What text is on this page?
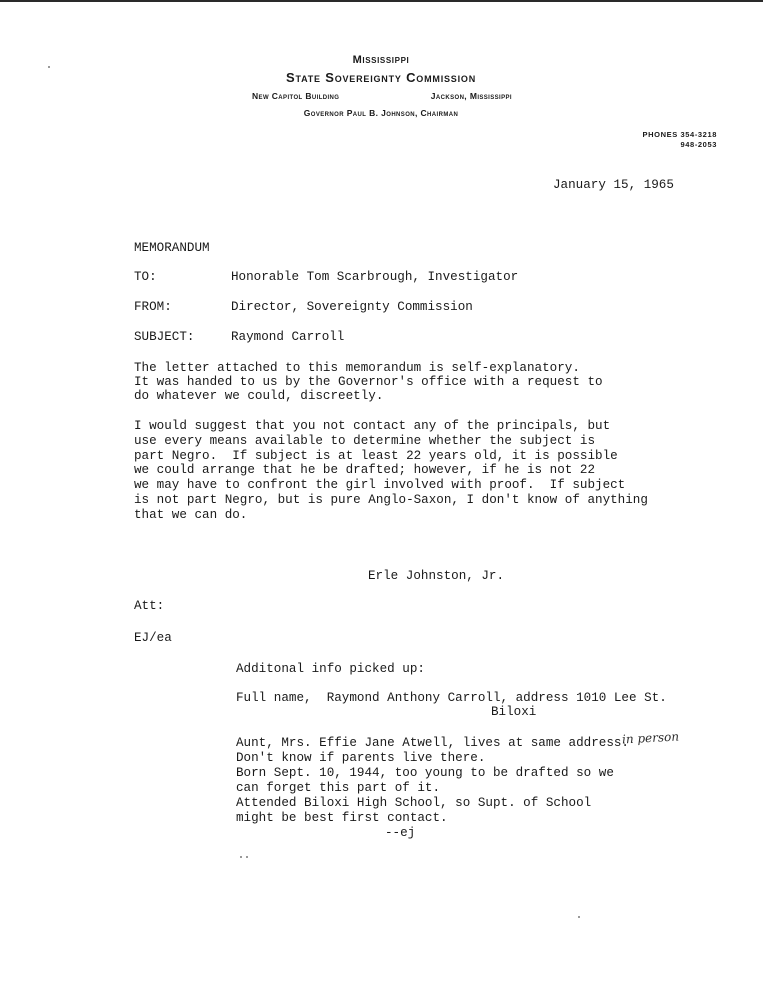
Mississippi
State Sovereignty Commission
New Capitol Building	Jackson, Mississippi
Governor Paul B. Johnson, Chairman
PHONES 354-3218
948-2053
January 15, 1965
MEMORANDUM
TO:	Honorable Tom Scarbrough, Investigator
FROM:	Director, Sovereignty Commission
SUBJECT:	Raymond Carroll
The letter attached to this memorandum is self-explanatory.
It was handed to us by the Governor's office with a request to
do whatever we could, discreetly.
I would suggest that you not contact any of the principals, but
use every means available to determine whether the subject is
part Negro.  If subject is at least 22 years old, it is possible
we could arrange that he be drafted; however, if he is not 22
we may have to confront the girl involved with proof.  If subject
is not part Negro, but is pure Anglo-Saxon, I don't know of anything
that we can do.
Erle Johnston, Jr.
Att:
EJ/ea
Additonal info picked up:
Full name,  Raymond Anthony Carroll, address 1010 Lee St.
Biloxi
Aunt, Mrs. Effie Jane Atwell, lives at same address.
Don't know if parents live there.
Born Sept. 10, 1944, too young to be drafted so we
can forget this part of it.
Attended Biloxi High School, so Supt. of School
might be best first contact.
--ej
in person
